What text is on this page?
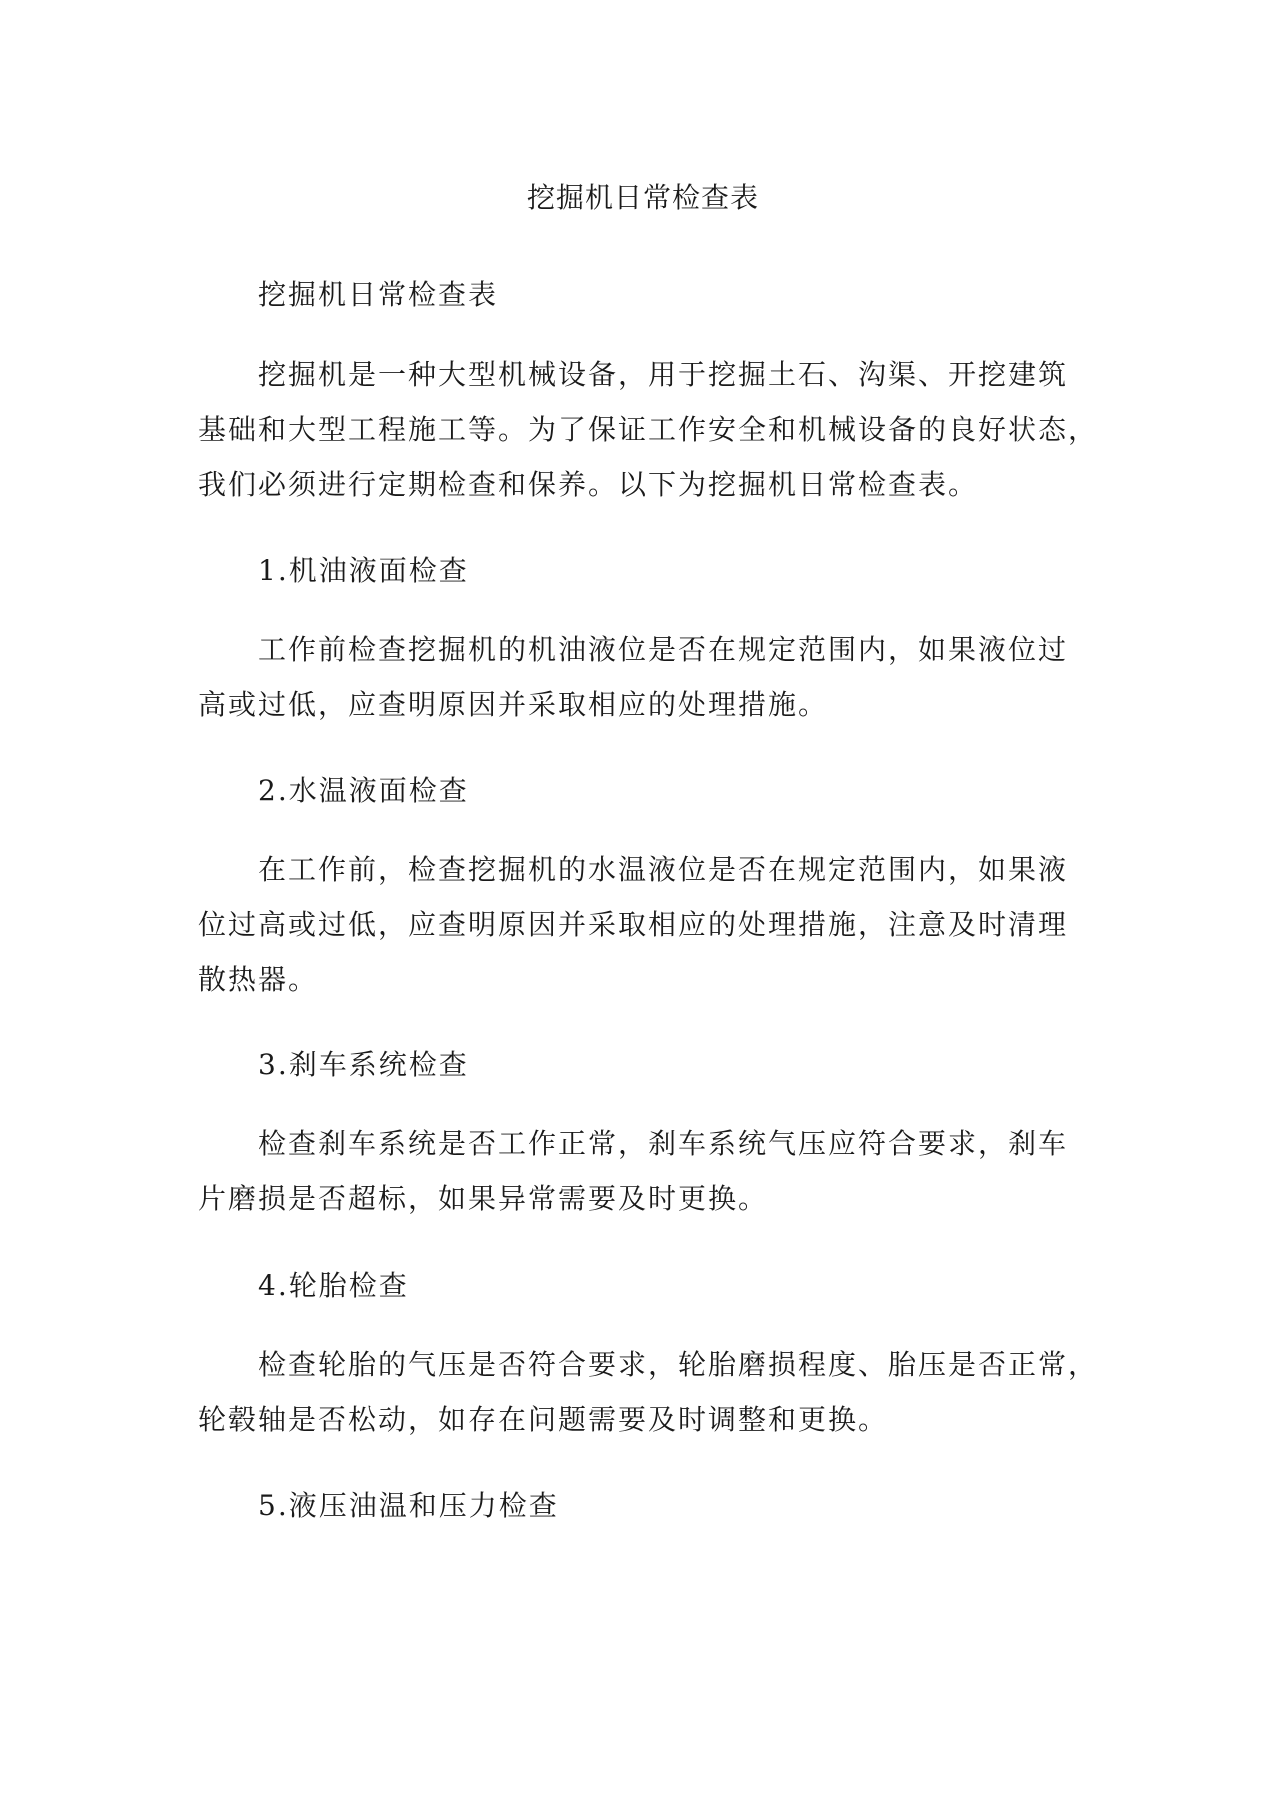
挖掘机日常检查表
挖掘机日常检查表
挖掘机是一种大型机械设备，用于挖掘土石、沟渠、开挖建筑
基础和大型工程施工等。为了保证工作安全和机械设备的良好状态，
我们必须进行定期检查和保养。以下为挖掘机日常检查表。
1.机油液面检查
工作前检查挖掘机的机油液位是否在规定范围内，如果液位过
高或过低，应查明原因并采取相应的处理措施。
2.水温液面检查
在工作前，检查挖掘机的水温液位是否在规定范围内，如果液
位过高或过低，应查明原因并采取相应的处理措施，注意及时清理
散热器。
3.刹车系统检查
检查刹车系统是否工作正常，刹车系统气压应符合要求，刹车
片磨损是否超标，如果异常需要及时更换。
4.轮胎检查
检查轮胎的气压是否符合要求，轮胎磨损程度、胎压是否正常，
轮毂轴是否松动，如存在问题需要及时调整和更换。
5.液压油温和压力检查
